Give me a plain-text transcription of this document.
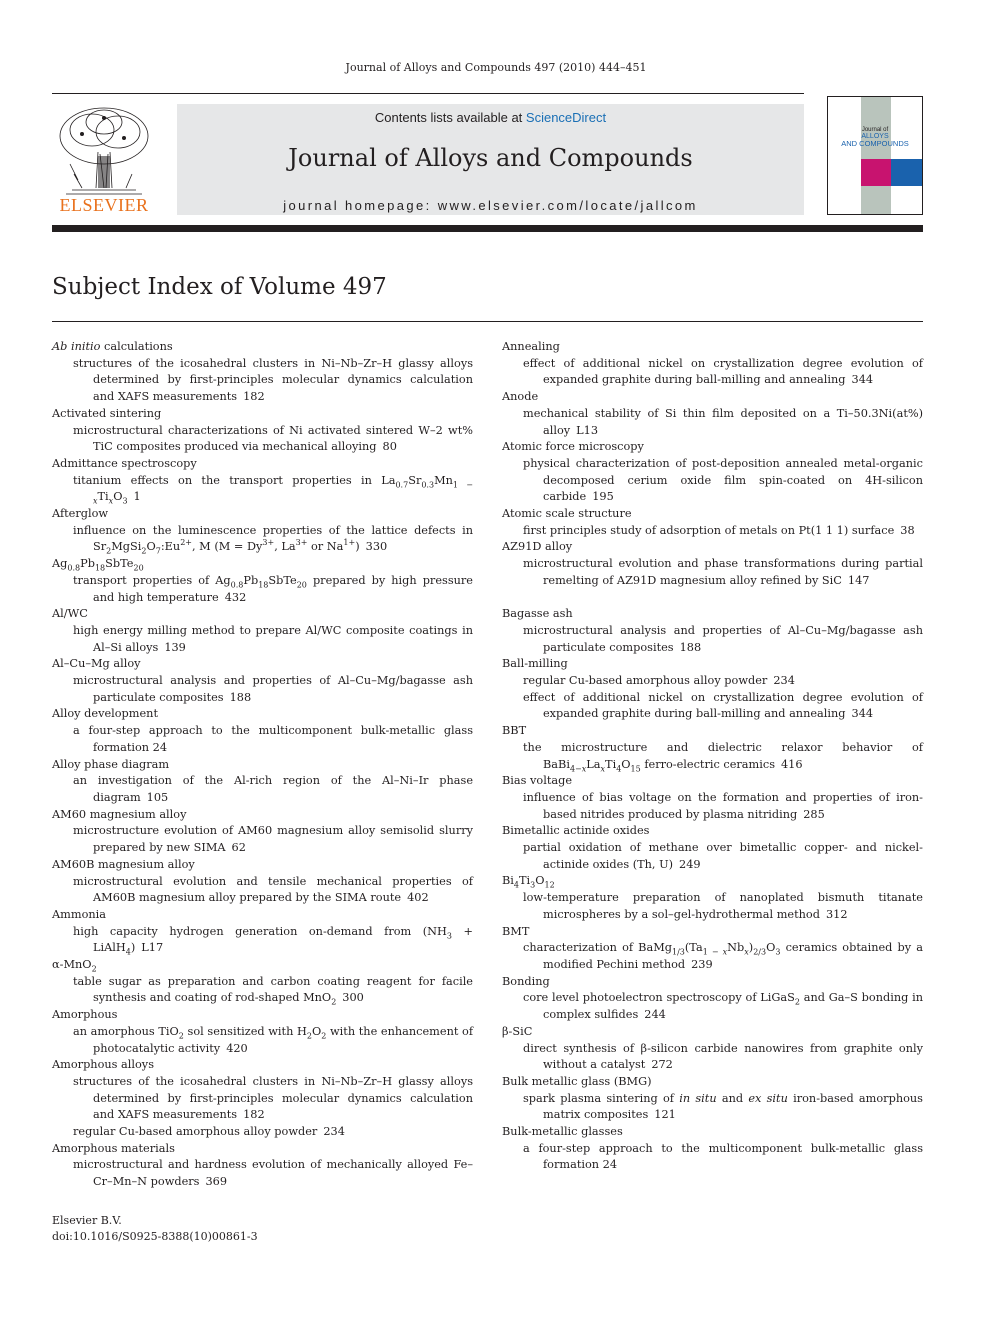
Journal of Alloys and Compounds 497 (2010) 444–451
ELSEVIER
Contents lists available at ScienceDirect
Journal of Alloys and Compounds
journal homepage: www.elsevier.com/locate/jallcom
Journal of
ALLOYS
AND COMPOUNDS
Subject Index of Volume 497

Ab initio calculations

structures of the icosahedral clusters in Ni–Nb–Zr–H glassy alloys determined by first-principles molecular dynamics calculation and XAFS measurements 182

Activated sintering

microstructural characterizations of Ni activated sintered W–2 wt% TiC composites produced via mechanical alloying 80

Admittance spectroscopy

titanium effects on the transport properties in $La_{0.7}Sr_{0.3}Mn_{1 - x}Ti_xO_3$ 1

Afterglow

influence on the luminescence properties of the lattice defects in $Sr_2MgSi_2O_7:Eu^{2+}$, M ($M = Dy^{3+}$, $La^{3+}$ or $Na^{1+}$) 330

$Ag_{0.8}Pb_{18}SbTe_{20}$

transport properties of $Ag_{0.8}Pb_{18}SbTe_{20}$ prepared by high pressure and high temperature 432

Al/WC

high energy milling method to prepare Al/WC composite coatings in Al–Si alloys 139

Al–Cu–Mg alloy

microstructural analysis and properties of Al–Cu–Mg/bagasse ash particulate composites 188

Alloy development

a four-step approach to the multicomponent bulk-metallic glass formation 24

Alloy phase diagram

an investigation of the Al-rich region of the Al–Ni–Ir phase diagram 105

AM60 magnesium alloy

microstructure evolution of AM60 magnesium alloy semisolid slurry prepared by new SIMA 62

AM60B magnesium alloy

microstructural evolution and tensile mechanical properties of AM60B magnesium alloy prepared by the SIMA route 402

Ammonia

high capacity hydrogen generation on-demand from ($NH_3$ + LiAlH$_4$) L17

α-MnO$_2$

table sugar as preparation and carbon coating reagent for facile synthesis and coating of rod-shaped MnO$_2$ 300

Amorphous

an amorphous TiO$_2$ sol sensitized with $H_2O_2$ with the enhancement of photocatalytic activity 420

Amorphous alloys

structures of the icosahedral clusters in Ni–Nb–Zr–H glassy alloys determined by first-principles molecular dynamics calculation and XAFS measurements 182

regular Cu-based amorphous alloy powder 234

Amorphous materials

microstructural and hardness evolution of mechanically alloyed Fe–Cr–Mn–N powders 369

Annealing

effect of additional nickel on crystallization degree evolution of expanded graphite during ball-milling and annealing 344

Anode

mechanical stability of Si thin film deposited on a Ti–50.3Ni(at%) alloy L13

Atomic force microscopy

physical characterization of post-deposition annealed metal-organic decomposed cerium oxide film spin-coated on 4H-silicon carbide 195

Atomic scale structure

first principles study of adsorption of metals on Pt(1 1 1) surface 38

AZ91D alloy

microstructural evolution and phase transformations during partial remelting of AZ91D magnesium alloy refined by SiC 147

Bagasse ash

microstructural analysis and properties of Al–Cu–Mg/bagasse ash particulate composites 188

Ball-milling

regular Cu-based amorphous alloy powder 234

effect of additional nickel on crystallization degree evolution of expanded graphite during ball-milling and annealing 344

BBT

the microstructure and dielectric relaxor behavior of $BaBi_{4-x}La_xTi_4O_{15}$ ferro-electric ceramics 416

Bias voltage

influence of bias voltage on the formation and properties of iron-based nitrides produced by plasma nitriding 285

Bimetallic actinide oxides

partial oxidation of methane over bimetallic copper- and nickel-actinide oxides (Th, U) 249

$Bi_4Ti_3O_{12}$

low-temperature preparation of nanoplated bismuth titanate microspheres by a sol–gel-hydrothermal method 312

BMT

characterization of $BaMg_{1/3}(Ta_{1 - x}Nb_x)_{2/3}O_3$ ceramics obtained by a modified Pechini method 239

Bonding

core level photoelectron spectroscopy of LiGaS$_2$ and Ga–S bonding in complex sulfides 244

β-SiC

direct synthesis of β-silicon carbide nanowires from graphite only without a catalyst 272

Bulk metallic glass (BMG)

spark plasma sintering of in situ and ex situ iron-based amorphous matrix composites 121

Bulk-metallic glasses

a four-step approach to the multicomponent bulk-metallic glass formation 24

Elsevier B.V.
doi:10.1016/S0925-8388(10)00861-3
